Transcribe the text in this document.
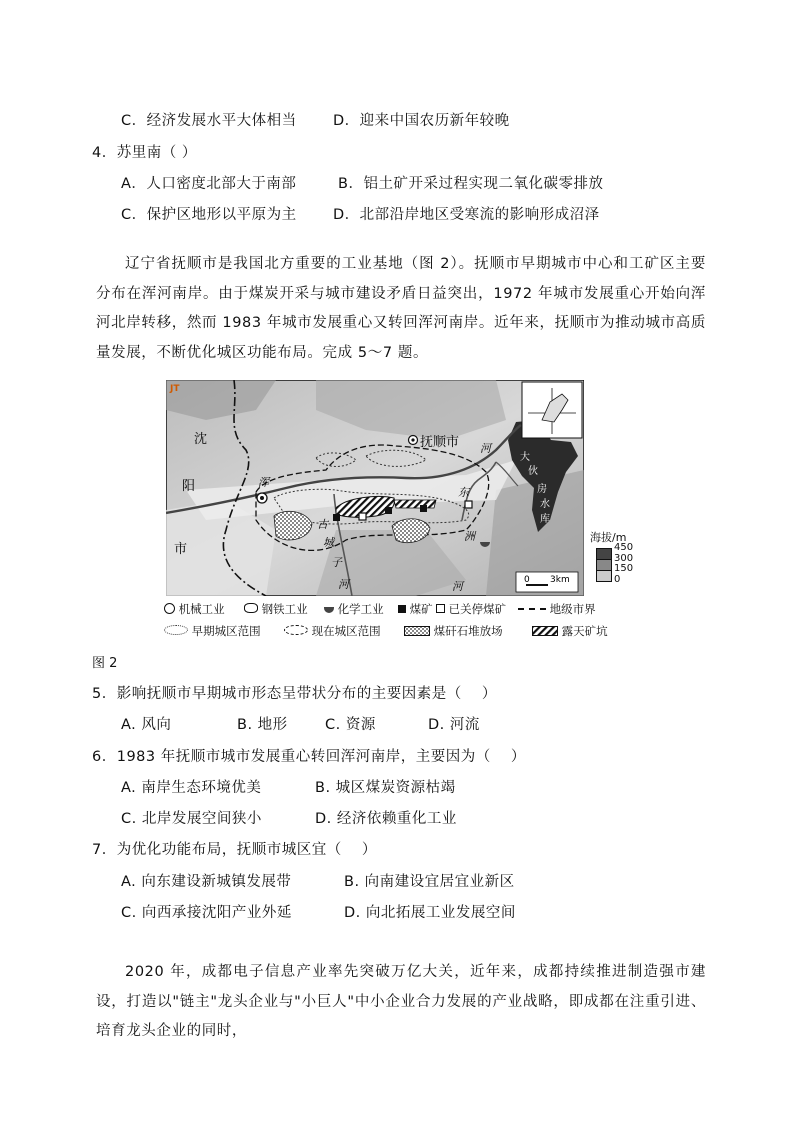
C．经济发展水平大体相当	D．迎来中国农历新年较晚
4．苏里南（ ）
A．人口密度北部大于南部	B．铝土矿开采过程实现二氧化碳零排放
C．保护区地形以平原为主	D．北部沿岸地区受寒流的影响形成沼泽

辽宁省抚顺市是我国北方重要的工业基地（图 2）。抚顺市早期城市中心和工矿区主要分布在浑河南岸。由于煤炭开采与城市建设矛盾日益突出，1972 年城市发展重心开始向浑河北岸转移，然而 1983 年城市发展重心又转回浑河南岸。近年来，抚顺市为推动城市高质量发展，不断优化城区功能布局。完成 5～7 题。

JT
沈
阳
市
抚顺市
浑
河
古
城
子
河
东
洲
河
大
伙
房
水
库
0 3km
海拔/m
450
300
150
0
机械工业	钢铁工业	化学工业	煤矿	已关停煤矿	地级市界
早期城区范围	现在城区范围	煤矸石堆放场	露天矿坑
图 2
5．影响抚顺市早期城市形态呈带状分布的主要因素是（　 ）
A. 风向	B. 地形	C. 资源	D. 河流
6．1983 年抚顺市城市发展重心转回浑河南岸，主要因为（　 ）
A. 南岸生态环境优美	B. 城区煤炭资源枯竭
C. 北岸发展空间狭小	D. 经济依赖重化工业
7．为优化功能布局，抚顺市城区宜（　 ）
A. 向东建设新城镇发展带	B. 向南建设宜居宜业新区
C. 向西承接沈阳产业外延	D. 向北拓展工业发展空间

2020 年，成都电子信息产业率先突破万亿大关，近年来，成都持续推进制造强市建设，打造以"链主"龙头企业与"小巨人"中小企业合力发展的产业战略，即成都在注重引进、培育龙头企业的同时，
